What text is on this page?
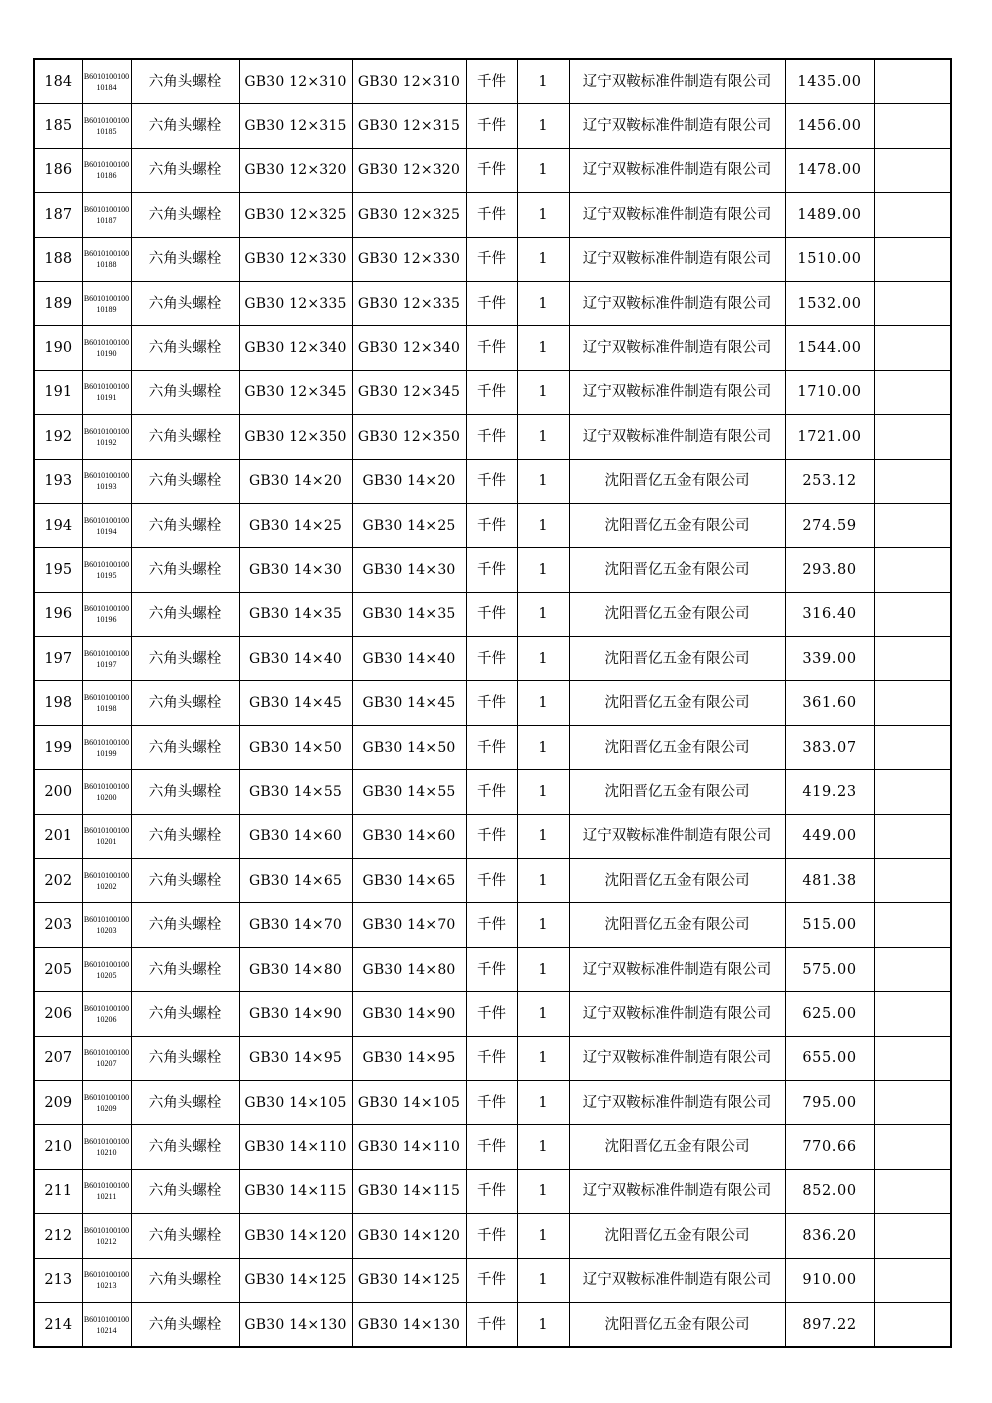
184	B601010010010184	六角头螺栓	GB30 12×310	GB30 12×310	千件	1	辽宁双鞍标准件制造有限公司	1435.00	
185	B601010010010185	六角头螺栓	GB30 12×315	GB30 12×315	千件	1	辽宁双鞍标准件制造有限公司	1456.00	
186	B601010010010186	六角头螺栓	GB30 12×320	GB30 12×320	千件	1	辽宁双鞍标准件制造有限公司	1478.00	
187	B601010010010187	六角头螺栓	GB30 12×325	GB30 12×325	千件	1	辽宁双鞍标准件制造有限公司	1489.00	
188	B601010010010188	六角头螺栓	GB30 12×330	GB30 12×330	千件	1	辽宁双鞍标准件制造有限公司	1510.00	
189	B601010010010189	六角头螺栓	GB30 12×335	GB30 12×335	千件	1	辽宁双鞍标准件制造有限公司	1532.00	
190	B601010010010190	六角头螺栓	GB30 12×340	GB30 12×340	千件	1	辽宁双鞍标准件制造有限公司	1544.00	
191	B601010010010191	六角头螺栓	GB30 12×345	GB30 12×345	千件	1	辽宁双鞍标准件制造有限公司	1710.00	
192	B601010010010192	六角头螺栓	GB30 12×350	GB30 12×350	千件	1	辽宁双鞍标准件制造有限公司	1721.00	
193	B601010010010193	六角头螺栓	GB30 14×20	GB30 14×20	千件	1	沈阳晋亿五金有限公司	253.12	
194	B601010010010194	六角头螺栓	GB30 14×25	GB30 14×25	千件	1	沈阳晋亿五金有限公司	274.59	
195	B601010010010195	六角头螺栓	GB30 14×30	GB30 14×30	千件	1	沈阳晋亿五金有限公司	293.80	
196	B601010010010196	六角头螺栓	GB30 14×35	GB30 14×35	千件	1	沈阳晋亿五金有限公司	316.40	
197	B601010010010197	六角头螺栓	GB30 14×40	GB30 14×40	千件	1	沈阳晋亿五金有限公司	339.00	
198	B601010010010198	六角头螺栓	GB30 14×45	GB30 14×45	千件	1	沈阳晋亿五金有限公司	361.60	
199	B601010010010199	六角头螺栓	GB30 14×50	GB30 14×50	千件	1	沈阳晋亿五金有限公司	383.07	
200	B601010010010200	六角头螺栓	GB30 14×55	GB30 14×55	千件	1	沈阳晋亿五金有限公司	419.23	
201	B601010010010201	六角头螺栓	GB30 14×60	GB30 14×60	千件	1	辽宁双鞍标准件制造有限公司	449.00	
202	B601010010010202	六角头螺栓	GB30 14×65	GB30 14×65	千件	1	沈阳晋亿五金有限公司	481.38	
203	B601010010010203	六角头螺栓	GB30 14×70	GB30 14×70	千件	1	沈阳晋亿五金有限公司	515.00	
205	B601010010010205	六角头螺栓	GB30 14×80	GB30 14×80	千件	1	辽宁双鞍标准件制造有限公司	575.00	
206	B601010010010206	六角头螺栓	GB30 14×90	GB30 14×90	千件	1	辽宁双鞍标准件制造有限公司	625.00	
207	B601010010010207	六角头螺栓	GB30 14×95	GB30 14×95	千件	1	辽宁双鞍标准件制造有限公司	655.00	
209	B601010010010209	六角头螺栓	GB30 14×105	GB30 14×105	千件	1	辽宁双鞍标准件制造有限公司	795.00	
210	B601010010010210	六角头螺栓	GB30 14×110	GB30 14×110	千件	1	沈阳晋亿五金有限公司	770.66	
211	B601010010010211	六角头螺栓	GB30 14×115	GB30 14×115	千件	1	辽宁双鞍标准件制造有限公司	852.00	
212	B601010010010212	六角头螺栓	GB30 14×120	GB30 14×120	千件	1	沈阳晋亿五金有限公司	836.20	
213	B601010010010213	六角头螺栓	GB30 14×125	GB30 14×125	千件	1	辽宁双鞍标准件制造有限公司	910.00	
214	B601010010010214	六角头螺栓	GB30 14×130	GB30 14×130	千件	1	沈阳晋亿五金有限公司	897.22	
